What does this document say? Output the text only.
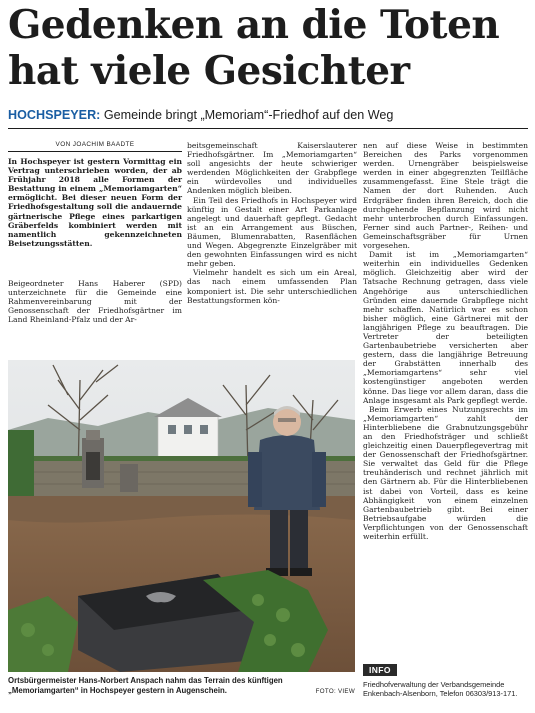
Gedenken an die Toten
hat viele Gesichter
HOCHSPEYER: Gemeinde bringt „Memoriam“-Friedhof auf den Weg
VON JOACHIM BAADTE
In Hochspeyer ist gestern Vormittag ein Vertrag unterschrieben worden, der ab Frühjahr 2018 alle Formen der Bestattung in einem „Memoriamgarten“ ermöglicht. Bei dieser neuen Form der Friedhofsgestaltung soll die andauernde gärtnerische Pflege eines parkartigen Gräberfelds kombiniert werden mit namentlich gekennzeichneten Beisetzungsstätten.

Beigeordneter Hans Haberer (SPD) unterzeichnete für die Gemeinde eine Rahmenvereinbarung mit der Genossenschaft der Friedhofsgärtner im Land Rheinland-Pfalz und der Ar-

beitsgemeinschaft Kaiserslauterer Friedhofsgärtner. Im „Memoriamgarten“ soll angesichts der heute schwieriger werdenden Möglichkeiten der Grabpflege ein würdevolles und individuelles Andenken möglich bleiben.

Ein Teil des Friedhofs in Hochspeyer wird künftig in Gestalt einer Art Parkanlage angelegt und dauerhaft gepflegt. Gedacht ist an ein Arrangement aus Büschen, Bäumen, Blumenrabatten, Rasenflächen und Wegen. Abgegrenzte Einzelgräber mit den gewohnten Einfassungen wird es nicht mehr geben.

Vielmehr handelt es sich um ein Areal, das nach einem umfassenden Plan komponiert ist. Die sehr unterschiedlichen Bestattungsformen kön-

nen auf diese Weise in bestimmten Bereichen des Parks vorgenommen werden. Urnengräber beispielsweise werden in einer abgegrenzten Teilfläche zusammengefasst. Eine Stele trägt die Namen der dort Ruhenden. Auch Erdgräber finden ihren Bereich, doch die durchgehende Bepflanzung wird nicht mehr unterbrochen durch Einfassungen. Ferner sind auch Partner-, Reihen- und Gemeinschaftsgräber für Urnen vorgesehen.

Damit ist im „Memoriamgarten“ weiterhin ein individuelles Gedenken möglich. Gleichzeitig aber wird der Tatsache Rechnung getragen, dass viele Angehörige aus unterschiedlichen Gründen eine dauernde Grabpflege nicht mehr schaffen. Natürlich war es schon bisher möglich, eine Gärtnerei mit der langjährigen Pflege zu beauftragen. Die Vertreter der beteiligten Gartenbaubetriebe versicherten aber gestern, dass die langjährige Betreuung der Grabstätten innerhalb des „Memoriamgartens“ sehr viel kostengünstiger angeboten werden könne. Das liege vor allem daran, dass die Anlage insgesamt als Park gepflegt werde.

Beim Erwerb eines Nutzungsrechts im „Memoriamgarten“ zahlt der Hinterbliebene die Grabnutzungsgebühr an den Friedhofsträger und schließt gleichzeitig einen Dauerpflegevertrag mit der Genossenschaft der Friedhofsgärtner. Sie verwaltet das Geld für die Pflege treuhänderisch und rechnet jährlich mit den Gärtnern ab. Für die Hinterbliebenen ist dabei von Vorteil, dass es keine Abhängigkeit von einem einzelnen Gartenbaubetrieb gibt. Bei einer Betriebsaufgabe würden die Verpflichtungen von der Genossenschaft weiterhin erfüllt.

Ortsbürgermeister Hans-Norbert Anspach nahm das Terrain des künftigen „Memoriamgarten“ in Hochspeyer gestern in Augenschein.	FOTO: VIEW
INFO
Friedhofverwaltung der Verbandsgemeinde Enkenbach-Alsenborn, Telefon 06303/913-171.
